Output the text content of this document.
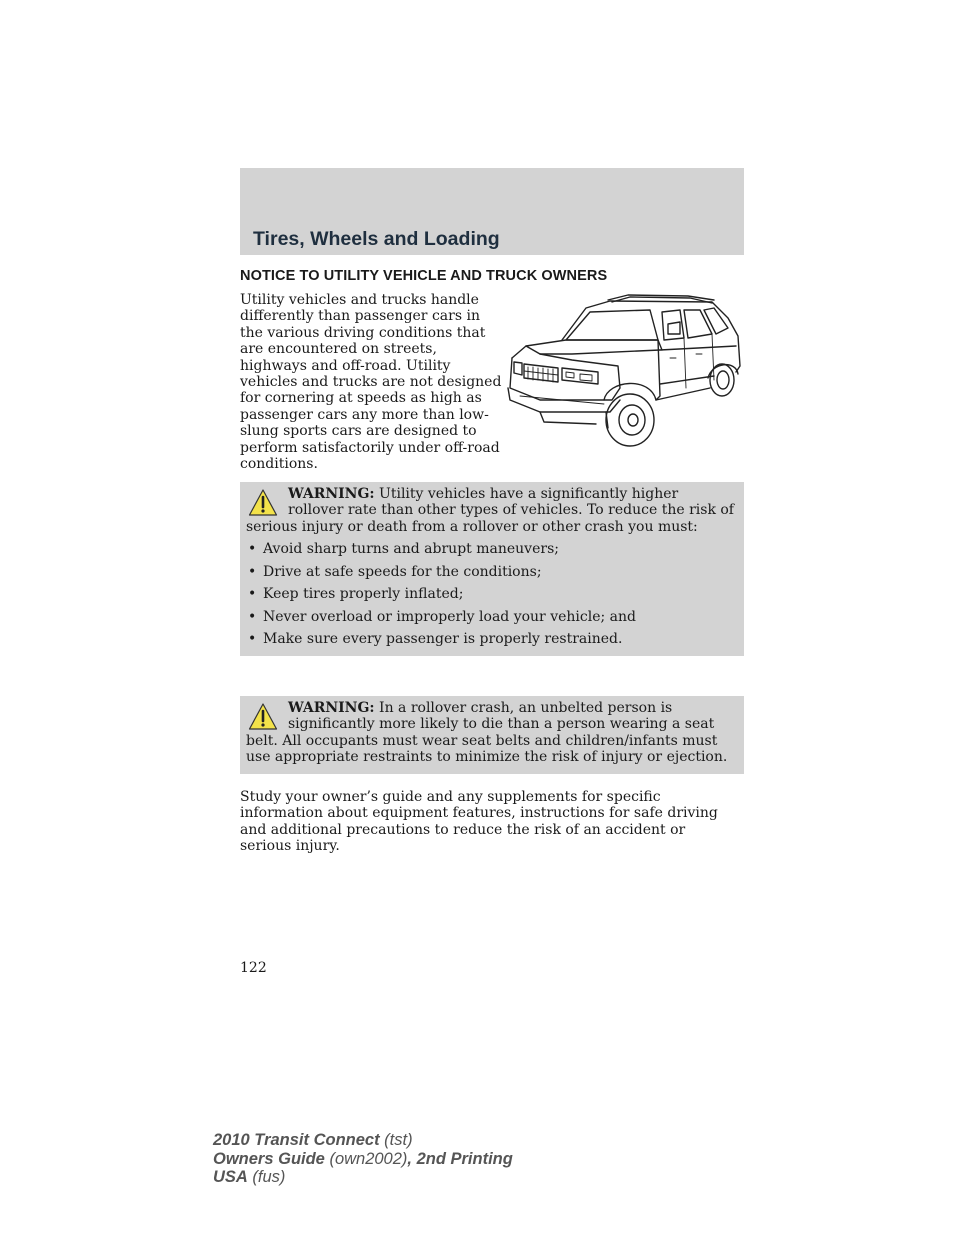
Tires, Wheels and Loading
NOTICE TO UTILITY VEHICLE AND TRUCK OWNERS

Utility vehicles and trucks handle differently than passenger cars in the various driving conditions that are encountered on streets, highways and off-road. Utility vehicles and trucks are not designed for cornering at speeds as high as passenger cars any more than low-slung sports cars are designed to perform satisfactorily under off-road conditions.

WARNING: Utility vehicles have a significantly higher rollover rate than other types of vehicles. To reduce the risk of serious injury or death from a rollover or other crash you must:
• Avoid sharp turns and abrupt maneuvers;
• Drive at safe speeds for the conditions;
• Keep tires properly inflated;
• Never overload or improperly load your vehicle; and
• Make sure every passenger is properly restrained.
WARNING: In a rollover crash, an unbelted person is significantly more likely to die than a person wearing a seat belt. All occupants must wear seat belts and children/infants must use appropriate restraints to minimize the risk of injury or ejection.

Study your owner’s guide and any supplements for specific information about equipment features, instructions for safe driving and additional precautions to reduce the risk of an accident or serious injury.

122

2010 Transit Connect (tst)
Owners Guide (own2002), 2nd Printing
USA (fus)
